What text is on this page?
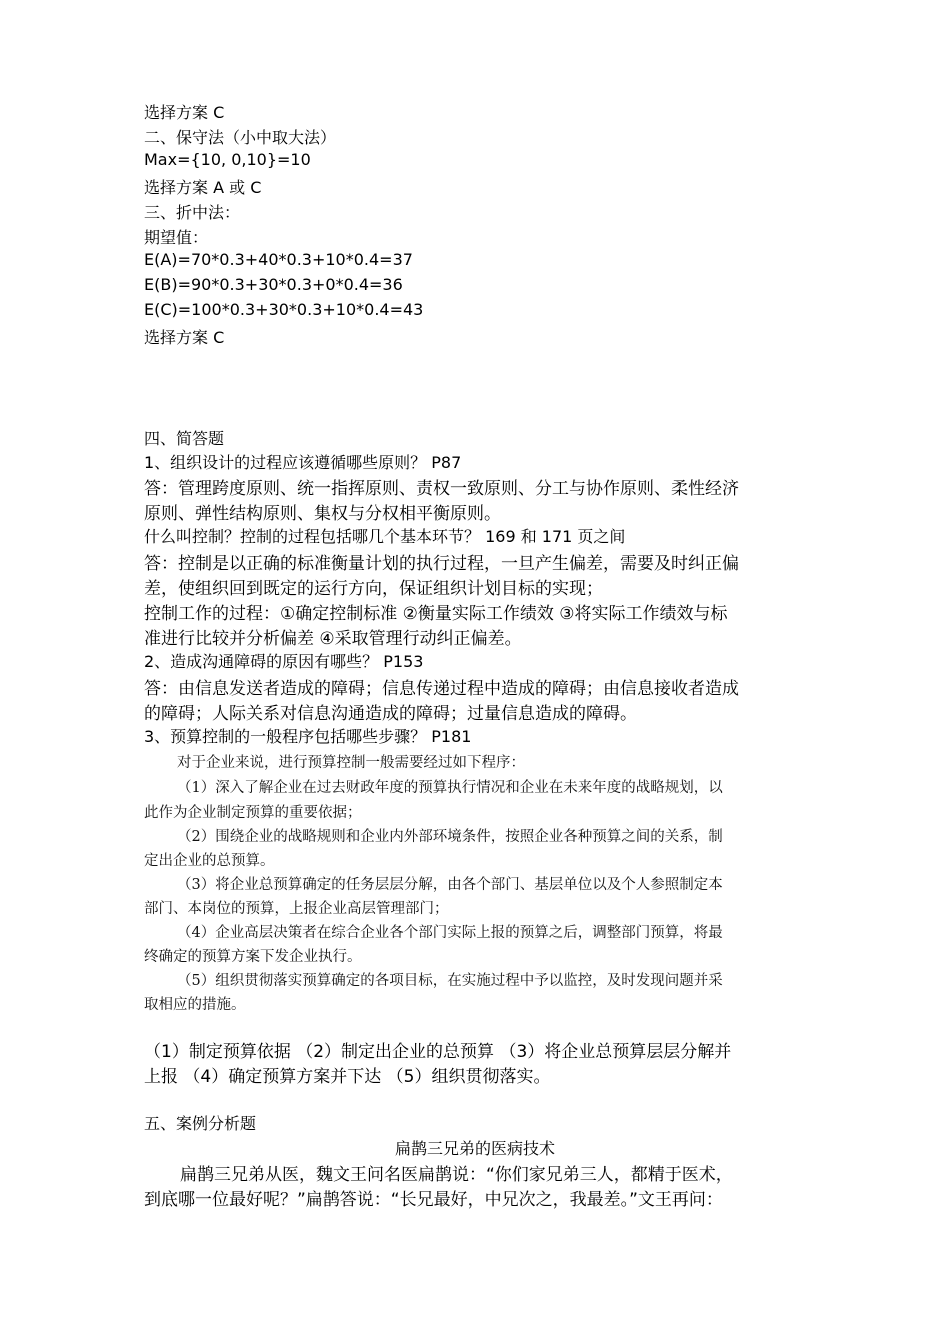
选择方案 C
二、保守法（小中取大法）
Max={10, 0,10}=10
选择方案 A 或 C
三、折中法：
期望值：
E(A)=70*0.3+40*0.3+10*0.4=37
E(B)=90*0.3+30*0.3+0*0.4=36
E(C)=100*0.3+30*0.3+10*0.4=43
选择方案 C
四、简答题
1、组织设计的过程应该遵循哪些原则？ P87
答：管理跨度原则、统一指挥原则、责权一致原则、分工与协作原则、柔性经济
原则、弹性结构原则、集权与分权相平衡原则。
什么叫控制？控制的过程包括哪几个基本环节？ 169 和 171 页之间
答：控制是以正确的标准衡量计划的执行过程，一旦产生偏差，需要及时纠正偏
差，使组织回到既定的运行方向，保证组织计划目标的实现；
控制工作的过程：①确定控制标准 ②衡量实际工作绩效 ③将实际工作绩效与标
准进行比较并分析偏差 ④采取管理行动纠正偏差。
2、造成沟通障碍的原因有哪些？ P153
答：由信息发送者造成的障碍；信息传递过程中造成的障碍；由信息接收者造成
的障碍；人际关系对信息沟通造成的障碍；过量信息造成的障碍。
3、预算控制的一般程序包括哪些步骤？ P181
对于企业来说，进行预算控制一般需要经过如下程序：
（1）深入了解企业在过去财政年度的预算执行情况和企业在未来年度的战略规划，以
此作为企业制定预算的重要依据；
（2）围绕企业的战略规则和企业内外部环境条件，按照企业各种预算之间的关系，制
定出企业的总预算。
（3）将企业总预算确定的任务层层分解，由各个部门、基层单位以及个人参照制定本
部门、本岗位的预算，上报企业高层管理部门；
（4）企业高层决策者在综合企业各个部门实际上报的预算之后，调整部门预算，将最
终确定的预算方案下发企业执行。
（5）组织贯彻落实预算确定的各项目标，在实施过程中予以监控，及时发现问题并采
取相应的措施。
（1）制定预算依据 （2）制定出企业的总预算 （3）将企业总预算层层分解并
上报 （4）确定预算方案并下达 （5）组织贯彻落实。
五、案例分析题
扁鹊三兄弟的医病技术
扁鹊三兄弟从医，魏文王问名医扁鹊说：“你们家兄弟三人，都精于医术，
到底哪一位最好呢？”扁鹊答说：“长兄最好，中兄次之，我最差。”文王再问：
